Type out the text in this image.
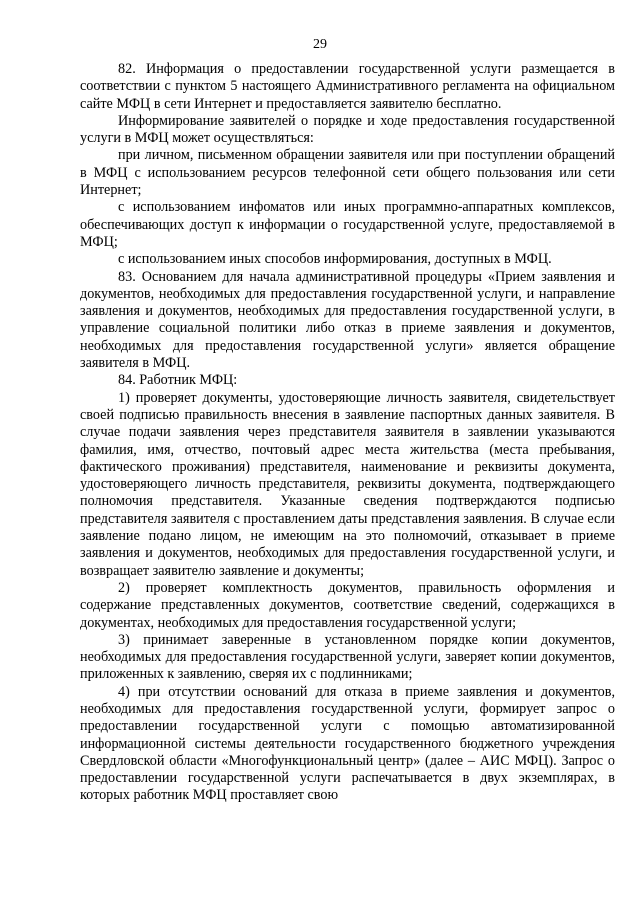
29

82. Информация о предоставлении государственной услуги размещается в соответствии с пунктом 5 настоящего Административного регламента на официальном сайте МФЦ в сети Интернет и предоставляется заявителю бесплатно.

Информирование заявителей о порядке и ходе предоставления государственной услуги в МФЦ может осуществляться:

при личном, письменном обращении заявителя или при поступлении обращений в МФЦ с использованием ресурсов телефонной сети общего пользования или сети Интернет;

с использованием инфоматов или иных программно-аппаратных комплексов, обеспечивающих доступ к информации о государственной услуге, предоставляемой в МФЦ;

с использованием иных способов информирования, доступных в МФЦ.

83. Основанием для начала административной процедуры «Прием заявления и документов, необходимых для предоставления государственной услуги, и направление заявления и документов, необходимых для предоставления государственной услуги, в управление социальной политики либо отказ в приеме заявления и документов, необходимых для предоставления государственной услуги» является обращение заявителя в МФЦ.

84. Работник МФЦ:

1) проверяет документы, удостоверяющие личность заявителя, свидетельствует своей подписью правильность внесения в заявление паспортных данных заявителя. В случае подачи заявления через представителя заявителя в заявлении указываются фамилия, имя, отчество, почтовый адрес места жительства (места пребывания, фактического проживания) представителя, наименование и реквизиты документа, удостоверяющего личность представителя, реквизиты документа, подтверждающего полномочия представителя. Указанные сведения подтверждаются подписью представителя заявителя с проставлением даты представления заявления. В случае если заявление подано лицом, не имеющим на это полномочий, отказывает в приеме заявления и документов, необходимых для предоставления государственной услуги, и возвращает заявителю заявление и документы;

2) проверяет комплектность документов, правильность оформления и содержание представленных документов, соответствие сведений, содержащихся в документах, необходимых для предоставления государственной услуги;

3) принимает заверенные в установленном порядке копии документов, необходимых для предоставления государственной услуги, заверяет копии документов, приложенных к заявлению, сверяя их с подлинниками;

4) при отсутствии оснований для отказа в приеме заявления и документов, необходимых для предоставления государственной услуги, формирует запрос о предоставлении государственной услуги с помощью автоматизированной информационной системы деятельности государственного бюджетного учреждения Свердловской области «Многофункциональный центр» (далее – АИС МФЦ). Запрос о предоставлении государственной услуги распечатывается в двух экземплярах, в которых работник МФЦ проставляет свою
